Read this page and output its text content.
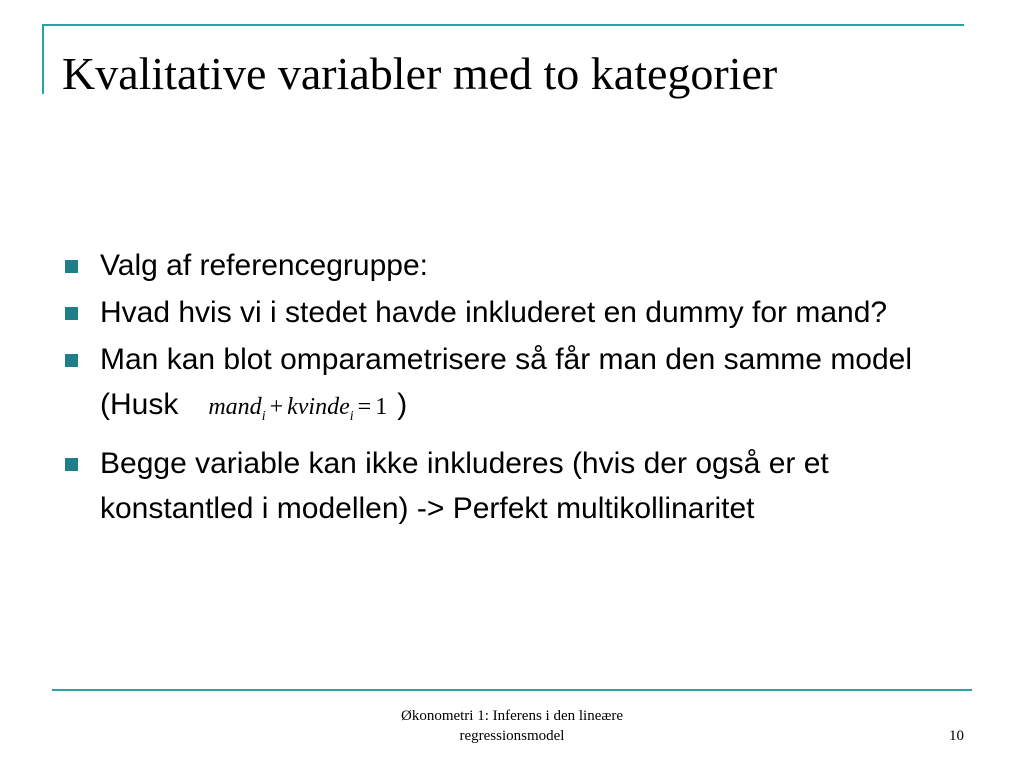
Kvalitative variabler med to kategorier
Valg af referencegruppe:
Hvad hvis vi i stedet havde inkluderet en dummy for mand?
Man kan blot omparametrisere så får man den samme model (Husk mand$_i$ + kvinde$_i$ = 1 )
Begge variable kan ikke inkluderes (hvis der også er et konstantled i modellen) -> Perfekt multikollinaritet
Økonometri 1: Inferens i den lineære
regressionsmodel	10
